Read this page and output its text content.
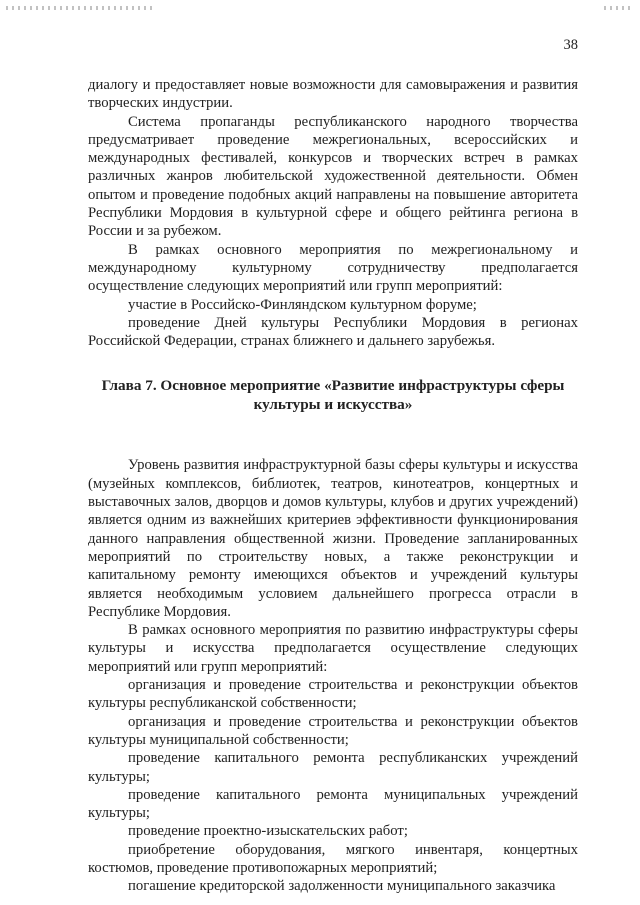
38

диалогу и предоставляет новые возможности для самовыражения и развития творческих индустрии.

Система пропаганды республиканского народного творчества предусматривает проведение межрегиональных, всероссийских и международных фестивалей, конкурсов и творческих встреч в рамках различных жанров любительской художественной деятельности. Обмен опытом и проведение подобных акций направлены на повышение авторитета Республики Мордовия в культурной сфере и общего рейтинга региона в России и за рубежом.

В рамках основного мероприятия по межрегиональному и международному культурному сотрудничеству предполагается осуществление следующих мероприятий или групп мероприятий:

участие в Российско-Финляндском культурном форуме;

проведение Дней культуры Республики Мордовия в регионах Российской Федерации, странах ближнего и дальнего зарубежья.

Глава 7. Основное мероприятие «Развитие инфраструктуры сферы культуры и искусства»

Уровень развития инфраструктурной базы сферы культуры и искусства (музейных комплексов, библиотек, театров, кинотеатров, концертных и выставочных залов, дворцов и домов культуры, клубов и других учреждений) является одним из важнейших критериев эффективности функционирования данного направления общественной жизни. Проведение запланированных мероприятий по строительству новых, а также реконструкции и капитальному ремонту имеющихся объектов и учреждений культуры является необходимым условием дальнейшего прогресса отрасли в Республике Мордовия.

В рамках основного мероприятия по развитию инфраструктуры сферы культуры и искусства предполагается осуществление следующих мероприятий или групп мероприятий:

организация и проведение строительства и реконструкции объектов культуры республиканской собственности;

организация и проведение строительства и реконструкции объектов культуры муниципальной собственности;

проведение капитального ремонта республиканских учреждений культуры;

проведение капитального ремонта муниципальных учреждений культуры;

проведение проектно-изыскательских работ;

приобретение оборудования, мягкого инвентаря, концертных костюмов, проведение противопожарных мероприятий;

погашение кредиторской задолженности муниципального заказчика
